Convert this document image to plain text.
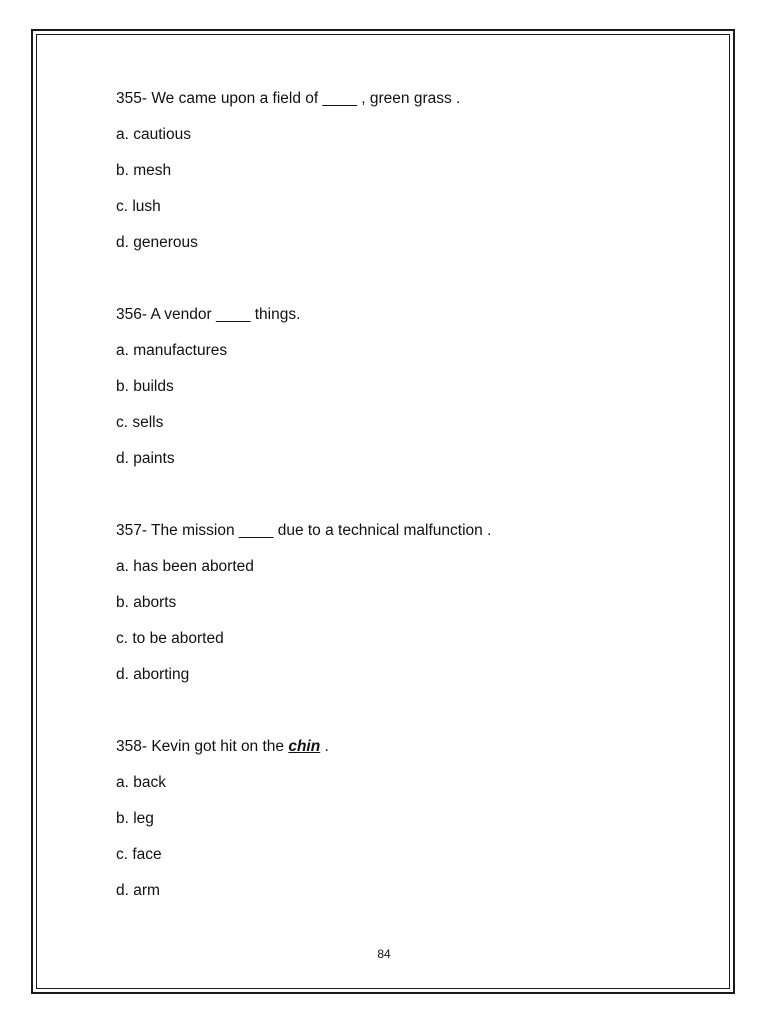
355- We came upon a field of ____ , green grass .
a. cautious
b. mesh
c. lush
d. generous
356- A vendor ____ things.
a. manufactures
b. builds
c. sells
d. paints
357- The mission ____ due to a technical malfunction .
a. has been aborted
b. aborts
c. to be aborted
d. aborting
358- Kevin got hit on the chin .
a. back
b. leg
c. face
d. arm
84
